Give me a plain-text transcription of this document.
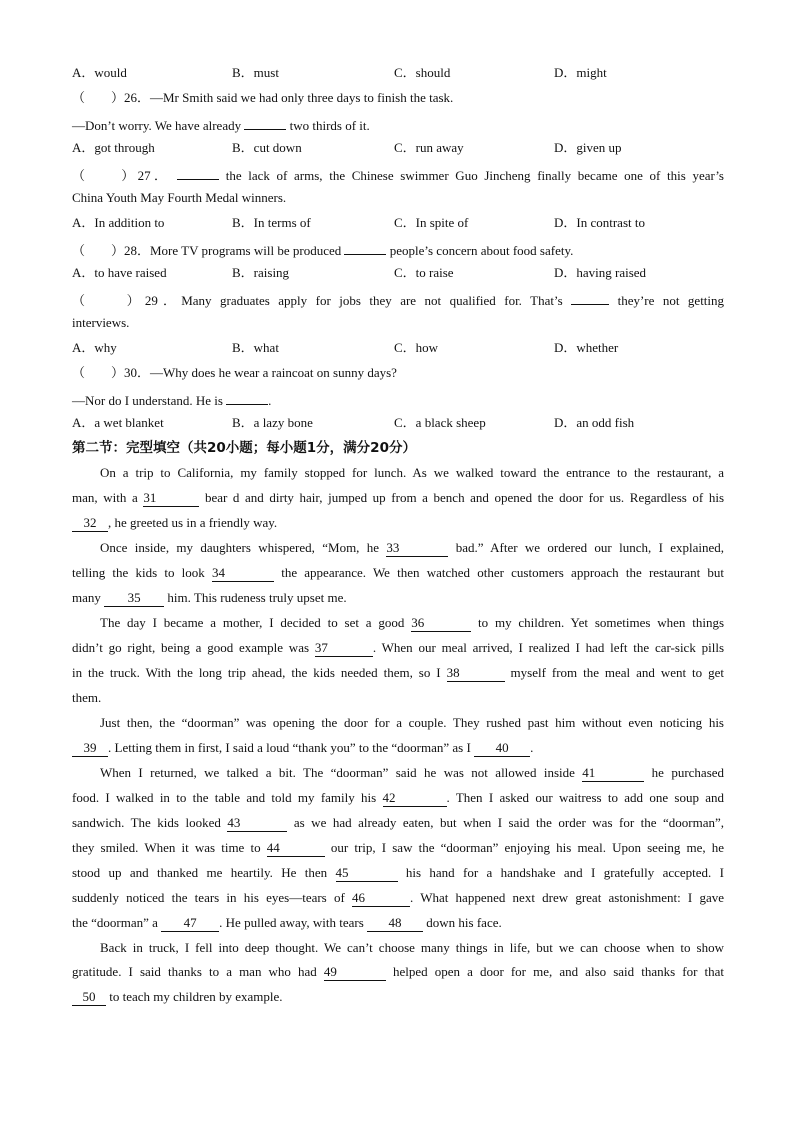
A．would	B．must	C．should	D．might
（　　）26．—Mr Smith said we had only three days to finish the task.
—Don’t worry. We have already	two thirds of it.
A．got through	B．cut down	C．run away	D．given up
（　　）27．	the lack of arms, the Chinese swimmer Guo Jincheng finally became one of this year’s
China Youth May Fourth Medal winners.
A．In addition to	B．In terms of	C．In spite of	D．In contrast to
（　　）28．More TV programs will be produced	people’s concern about food safety.
A．to have raised	B．raising	C．to raise	D．having raised
（　　）29．Many graduates apply for jobs they are not qualified for. That’s	they’re not getting
interviews.
A．why	B．what	C．how	D．whether
（　　）30．—Why does he wear a raincoat on sunny days?
—Nor do I understand. He is	.
A．a wet blanket	B．a lazy bone	C．a black sheep	D．an odd fish
第二节：完型填空（共20小题；每小题1分，满分20分）
On a trip to California, my family stopped for lunch. As we walked toward the entrance to the restaurant, a
man, with a 31	bear d and dirty hair, jumped up from a bench and opened the door for us. Regardless of his
32 , he greeted us in a friendly way.
Once inside, my daughters whispered, “Mom, he 33	bad.” After we ordered our lunch, I explained,
telling the kids to look 34	the appearance. We then watched other customers approach the restaurant but
many 35 him. This rudeness truly upset me.
The day I became a mother, I decided to set a good 36	to my children. Yet sometimes when things
didn’t go right, being a good example was 37	. When our meal arrived, I realized I had left the car-sick pills
in the truck. With the long trip ahead, the kids needed them, so I 38	myself from the meal and went to get
them.
Just then, the “doorman” was opening the door for a couple. They rushed past him without even noticing his
39 . Letting them in first, I said a loud “thank you” to the “doorman” as I 40 .
When I returned, we talked a bit. The “doorman” said he was not allowed inside 41	he purchased
food. I walked in to the table and told my family his 42	. Then I asked our waitress to add one soup and
sandwich. The kids looked 43	as we had already eaten, but when I said the order was for the “doorman”,
they smiled. When it was time to 44	our trip, I saw the “doorman” enjoying his meal. Upon seeing me, he
stood up and thanked me heartily. He then 45	his hand for a handshake and I gratefully accepted. I
suddenly noticed the tears in his eyes—tears of 46	. What happened next drew great astonishment: I gave
the “doorman” a 47 . He pulled away, with tears 48 down his face.
Back in truck, I fell into deep thought. We can’t choose many things in life, but we can choose when to show
gratitude. I said thanks to a man who had 49	helped open a door for me, and also said thanks for that
50 to teach my children by example.
